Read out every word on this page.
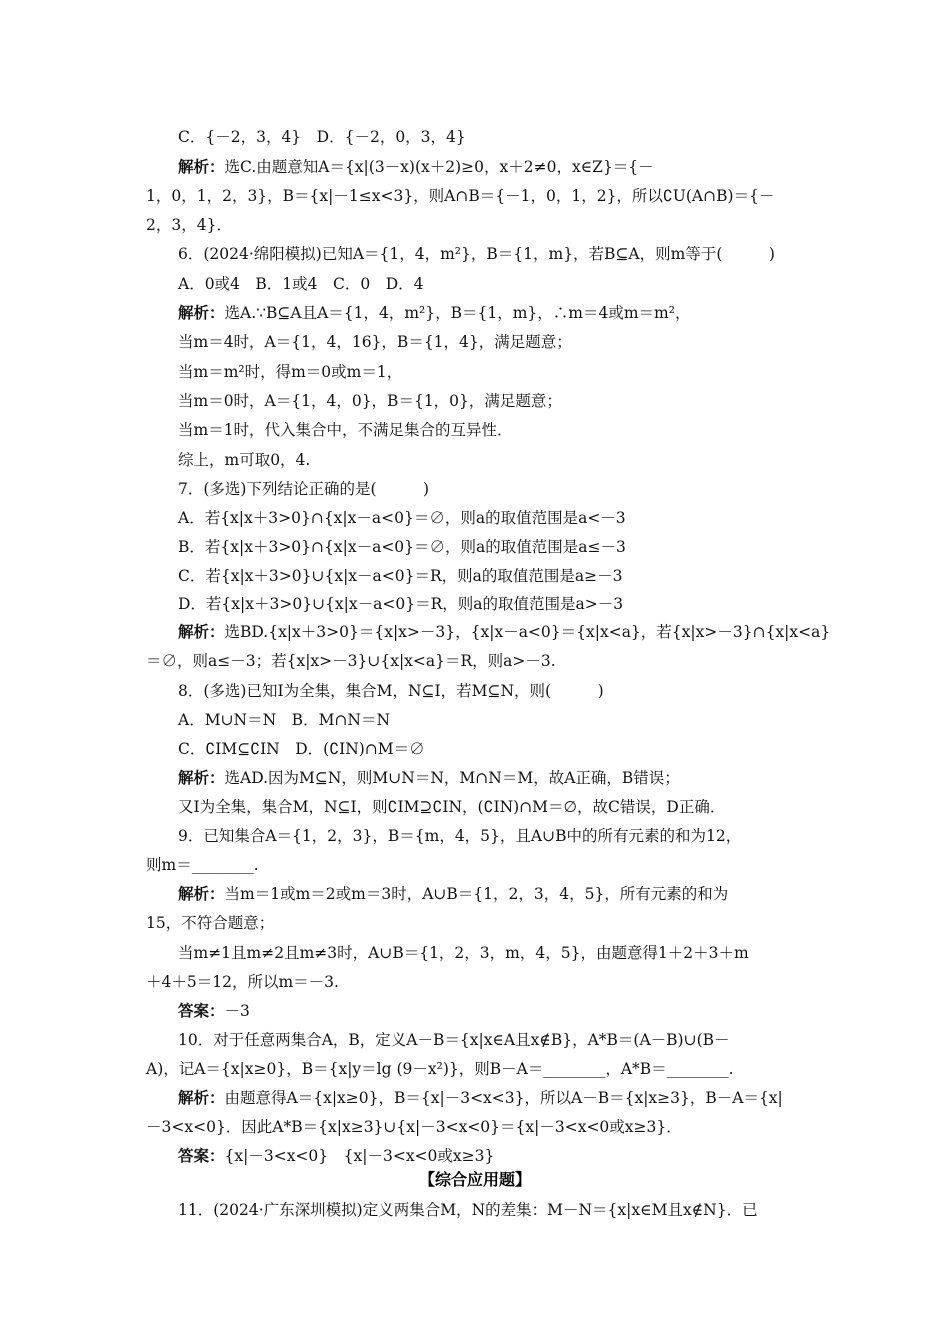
C．{－2，3，4}　D．{－2，0，3，4}
解析：选C.由题意知A＝{x|(3－x)(x＋2)≥0，x＋2≠0，x∈Z}＝{－
1，0，1，2，3}，B＝{x|－1≤x<3}，则A∩B＝{－1，0，1，2}，所以∁U(A∩B)＝{－
2，3，4}．
6．(2024·绵阳模拟)已知A＝{1，4，m²}，B＝{1，m}，若B⊆A，则m等于(　　　)
A．0或4　B．1或4　C．0　D．4
解析：选A.∵B⊆A且A＝{1，4，m²}，B＝{1，m}，∴m＝4或m＝m²，
当m＝4时，A＝{1，4，16}，B＝{1，4}，满足题意；
当m＝m²时，得m＝0或m＝1，
当m＝0时，A＝{1，4，0}，B＝{1，0}，满足题意；
当m＝1时，代入集合中，不满足集合的互异性．
综上，m可取0，4.
7．(多选)下列结论正确的是(　　　)
A．若{x|x＋3>0}∩{x|x－a<0}＝∅，则a的取值范围是a<－3
B．若{x|x＋3>0}∩{x|x－a<0}＝∅，则a的取值范围是a≤－3
C．若{x|x＋3>0}∪{x|x－a<0}＝R，则a的取值范围是a≥－3
D．若{x|x＋3>0}∪{x|x－a<0}＝R，则a的取值范围是a>－3
解析：选BD.{x|x＋3>0}＝{x|x>－3}，{x|x－a<0}＝{x|x<a}，若{x|x>－3}∩{x|x<a}
＝∅，则a≤－3；若{x|x>－3}∪{x|x<a}＝R，则a>－3.
8．(多选)已知I为全集，集合M，N⊆I，若M⊆N，则(　　　)
A．M∪N＝N　B．M∩N＝N
C．∁IM⊆∁IN　D．(∁IN)∩M＝∅
解析：选AD.因为M⊆N，则M∪N＝N，M∩N＝M，故A正确，B错误；
又I为全集，集合M，N⊆I，则∁IM⊇∁IN，(∁IN)∩M＝∅，故C错误，D正确．
9．已知集合A＝{1，2，3}，B＝{m，4，5}，且A∪B中的所有元素的和为12，
则m＝________.
解析：当m＝1或m＝2或m＝3时，A∪B＝{1，2，3，4，5}，所有元素的和为
15，不符合题意；
当m≠1且m≠2且m≠3时，A∪B＝{1，2，3，m，4，5}，由题意得1＋2＋3＋m
＋4＋5＝12，所以m＝－3.
答案：－3
10．对于任意两集合A，B，定义A－B＝{x|x∈A且x∉B}，A*B＝(A－B)∪(B－
A)，记A＝{x|x≥0}，B＝{x|y＝lg (9－x²)}，则B－A＝________，A*B＝________.
解析：由题意得A＝{x|x≥0}，B＝{x|－3<x<3}，所以A－B＝{x|x≥3}，B－A＝{x|
－3<x<0}．因此A*B＝{x|x≥3}∪{x|－3<x<0}＝{x|－3<x<0或x≥3}．
答案：{x|－3<x<0}　{x|－3<x<0或x≥3}
11．(2024·广东深圳模拟)定义两集合M，N的差集：M－N＝{x|x∈M且x∉N}．已
【综合应用题】
